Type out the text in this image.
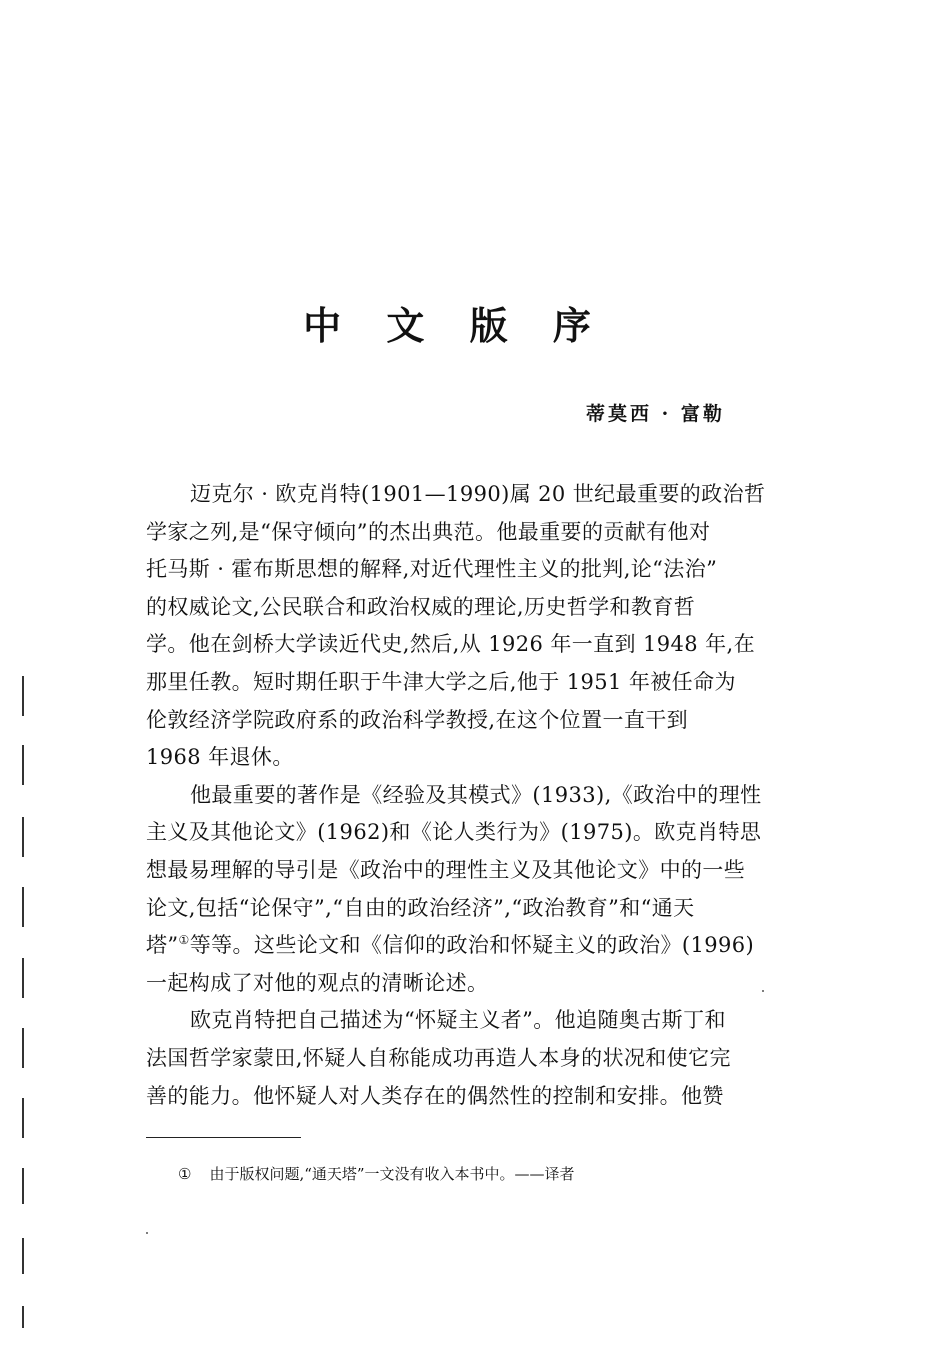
中 文 版 序
蒂莫西 · 富勒

迈克尔 · 欧克肖特(1901—1990)属 20 世纪最重要的政治哲
学家之列,是“保守倾向”的杰出典范。他最重要的贡献有他对
托马斯 · 霍布斯思想的解释,对近代理性主义的批判,论“法治”
的权威论文,公民联合和政治权威的理论,历史哲学和教育哲
学。他在剑桥大学读近代史,然后,从 1926 年一直到 1948 年,在
那里任教。短时期任职于牛津大学之后,他于 1951 年被任命为
伦敦经济学院政府系的政治科学教授,在这个位置一直干到
1968 年退休。

他最重要的著作是《经验及其模式》(1933),《政治中的理性
主义及其他论文》(1962)和《论人类行为》(1975)。欧克肖特思
想最易理解的导引是《政治中的理性主义及其他论文》中的一些
论文,包括“论保守”,“自由的政治经济”,“政治教育”和“通天
塔”①等等。这些论文和《信仰的政治和怀疑主义的政治》(1996)
一起构成了对他的观点的清晰论述。

欧克肖特把自己描述为“怀疑主义者”。他追随奥古斯丁和
法国哲学家蒙田,怀疑人自称能成功再造人本身的状况和使它完
善的能力。他怀疑人对人类存在的偶然性的控制和安排。他赞

① 由于版权问题,“通天塔”一文没有收入本书中。——译者
